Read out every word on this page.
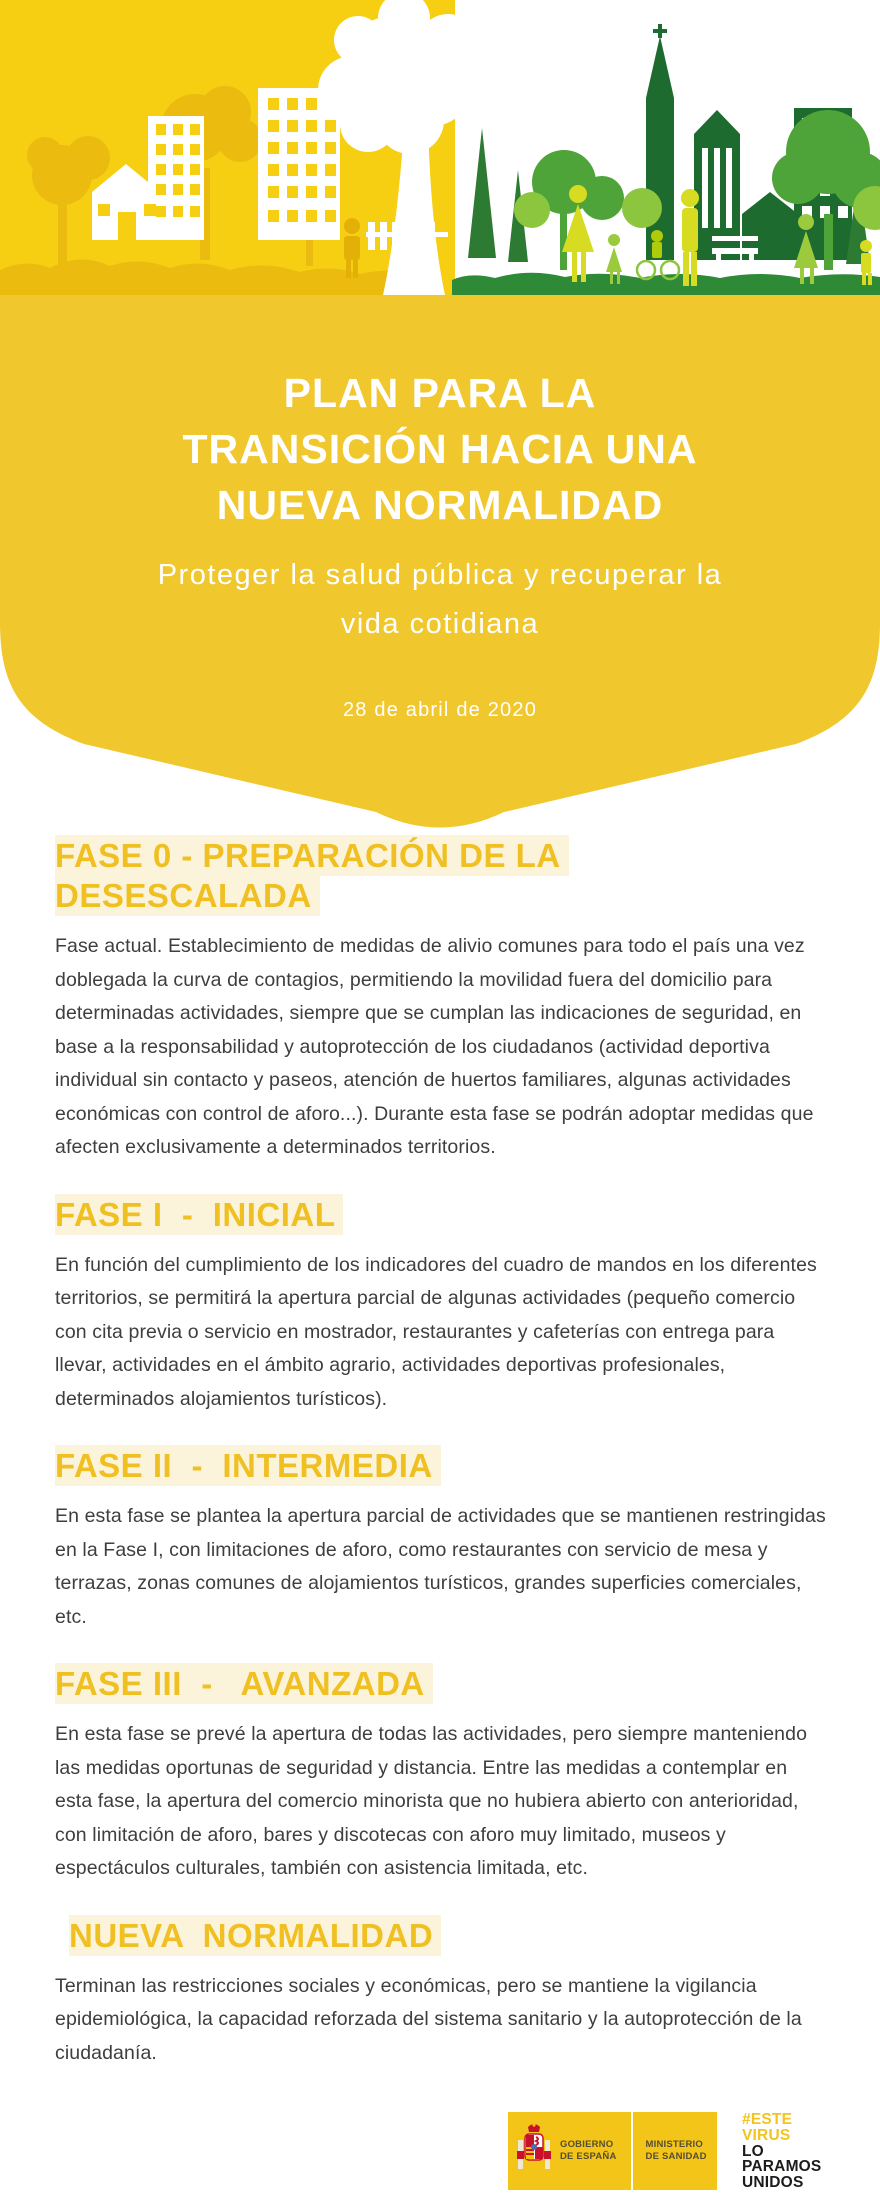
PLAN PARA LA
TRANSICIÓN HACIA UNA
NUEVA NORMALIDAD
Proteger la salud pública y recuperar la
vida cotidiana
28 de abril de 2020
FASE 0 - PREPARACIÓN DE LA DESESCALADA

Fase actual. Establecimiento de medidas de alivio comunes para todo el país una vez doblegada la curva de contagios, permitiendo la movilidad fuera del domicilio para determinadas actividades, siempre que se cumplan las indicaciones de seguridad, en base a la responsabilidad y autoprotección de los ciudadanos (actividad deportiva individual sin contacto y paseos, atención de huertos familiares, algunas actividades económicas con control de aforo...). Durante esta fase se podrán adoptar medidas que afecten exclusivamente a determinados territorios.

FASE I  -  INICIAL

En función del cumplimiento de los indicadores del cuadro de mandos en los diferentes territorios, se permitirá la apertura parcial de algunas actividades (pequeño comercio con cita previa o servicio en mostrador, restaurantes y cafeterías con entrega para llevar, actividades en el ámbito agrario, actividades deportivas profesionales, determinados alojamientos turísticos).

FASE II  -  INTERMEDIA

En esta fase se plantea la apertura parcial de actividades que se mantienen restringidas en la Fase I, con limitaciones de aforo, como restaurantes con servicio de mesa y terrazas, zonas comunes de alojamientos turísticos, grandes superficies comerciales, etc.

FASE III  -   AVANZADA

En esta fase se prevé la apertura de todas las actividades, pero siempre manteniendo las medidas oportunas de seguridad y distancia. Entre las medidas a contemplar en esta fase, la apertura del comercio minorista que no hubiera abierto con anterioridad, con limitación de aforo, bares y discotecas con aforo muy limitado, museos y espectáculos culturales, también con asistencia limitada, etc.

NUEVA  NORMALIDAD

Terminan las restricciones sociales y económicas, pero se mantiene la vigilancia epidemiológica, la capacidad reforzada del sistema sanitario y la autoprotección de la ciudadanía.

GOBIERNO
DE ESPAÑA
MINISTERIO
DE SANIDAD
#ESTE
VIRUS
LO
PARAMOS
UNIDOS
